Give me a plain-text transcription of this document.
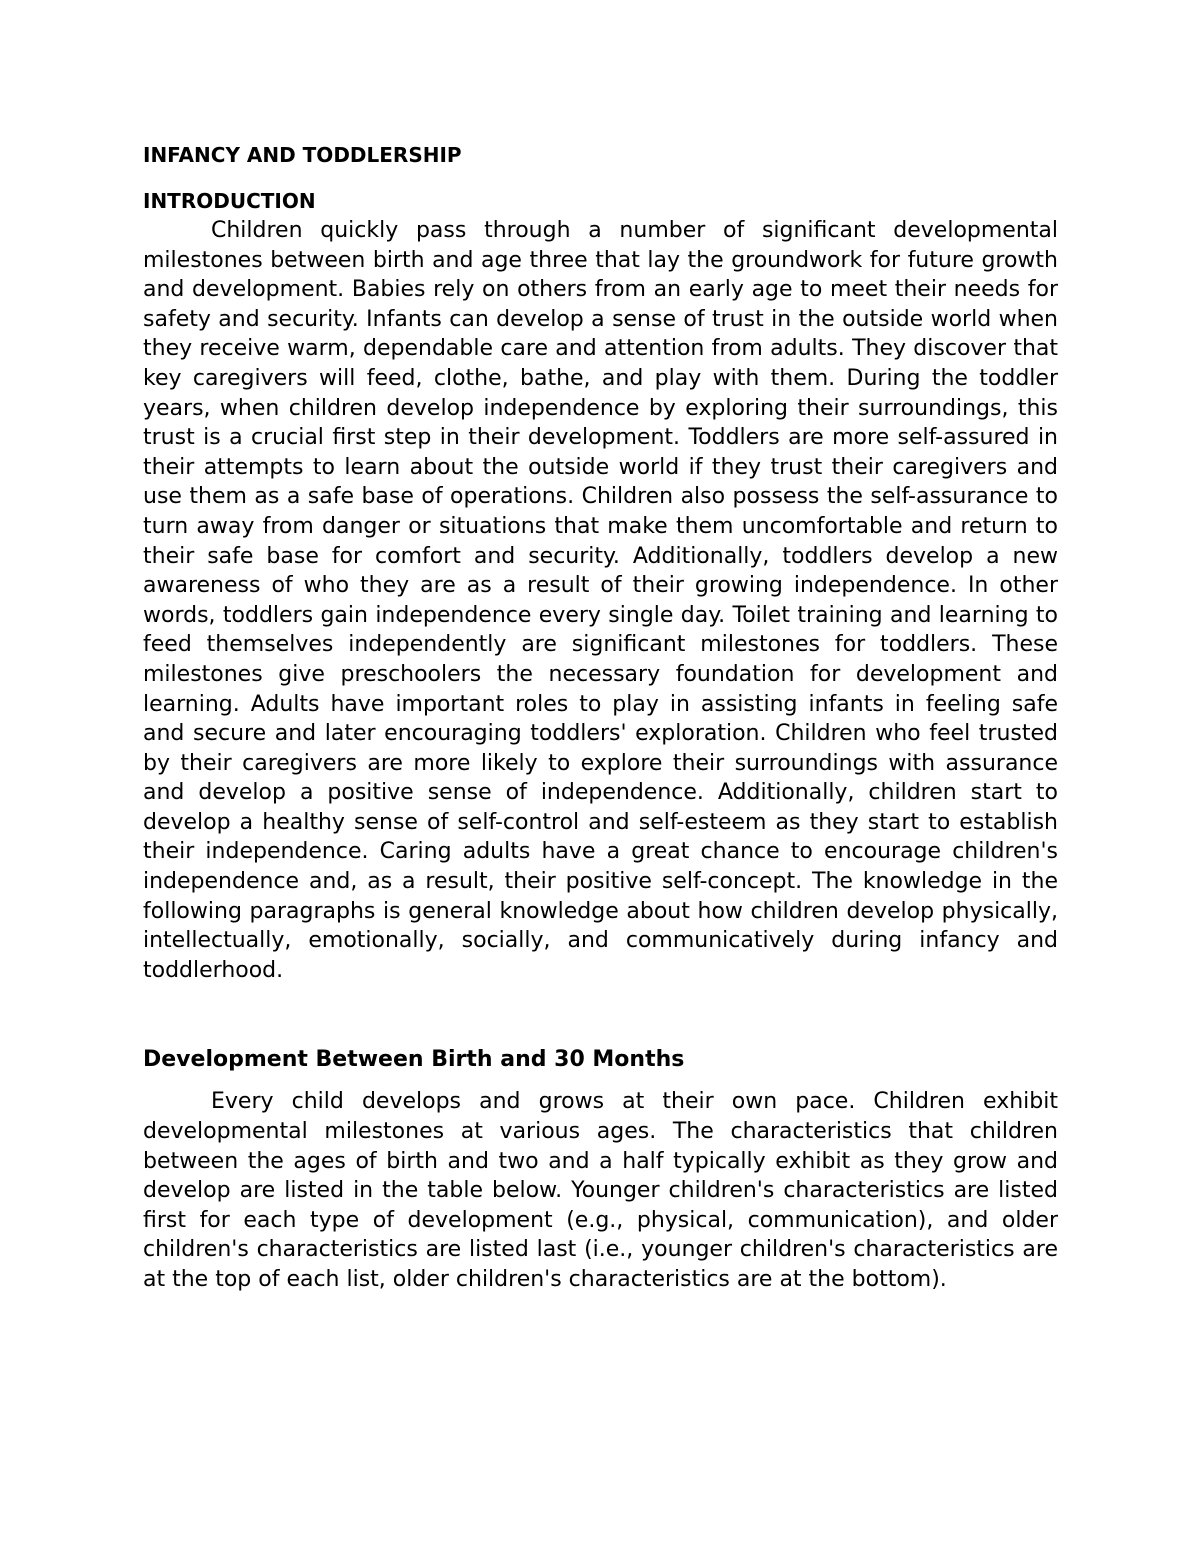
INFANCY AND TODDLERSHIP
INTRODUCTION

Children quickly pass through a number of significant developmental milestones between birth and age three that lay the groundwork for future growth and development. Babies rely on others from an early age to meet their needs for safety and security. Infants can develop a sense of trust in the outside world when they receive warm, dependable care and attention from adults. They discover that key caregivers will feed, clothe, bathe, and play with them. During the toddler years, when children develop independence by exploring their surroundings, this trust is a crucial first step in their development. Toddlers are more self-assured in their attempts to learn about the outside world if they trust their caregivers and use them as a safe base of operations. Children also possess the self-assurance to turn away from danger or situations that make them uncomfortable and return to their safe base for comfort and security. Additionally, toddlers develop a new awareness of who they are as a result of their growing independence. In other words, toddlers gain independence every single day. Toilet training and learning to feed themselves independently are significant milestones for toddlers. These milestones give preschoolers the necessary foundation for development and learning. Adults have important roles to play in assisting infants in feeling safe and secure and later encouraging toddlers' exploration. Children who feel trusted by their caregivers are more likely to explore their surroundings with assurance and develop a positive sense of independence. Additionally, children start to develop a healthy sense of self-control and self-esteem as they start to establish their independence. Caring adults have a great chance to encourage children's independence and, as a result, their positive self-concept. The knowledge in the following paragraphs is general knowledge about how children develop physically, intellectually, emotionally, socially, and communicatively during infancy and toddlerhood.

Development Between Birth and 30 Months

Every child develops and grows at their own pace. Children exhibit developmental milestones at various ages. The characteristics that children between the ages of birth and two and a half typically exhibit as they grow and develop are listed in the table below. Younger children's characteristics are listed first for each type of development (e.g., physical, communication), and older children's characteristics are listed last (i.e., younger children's characteristics are at the top of each list, older children's characteristics are at the bottom).
